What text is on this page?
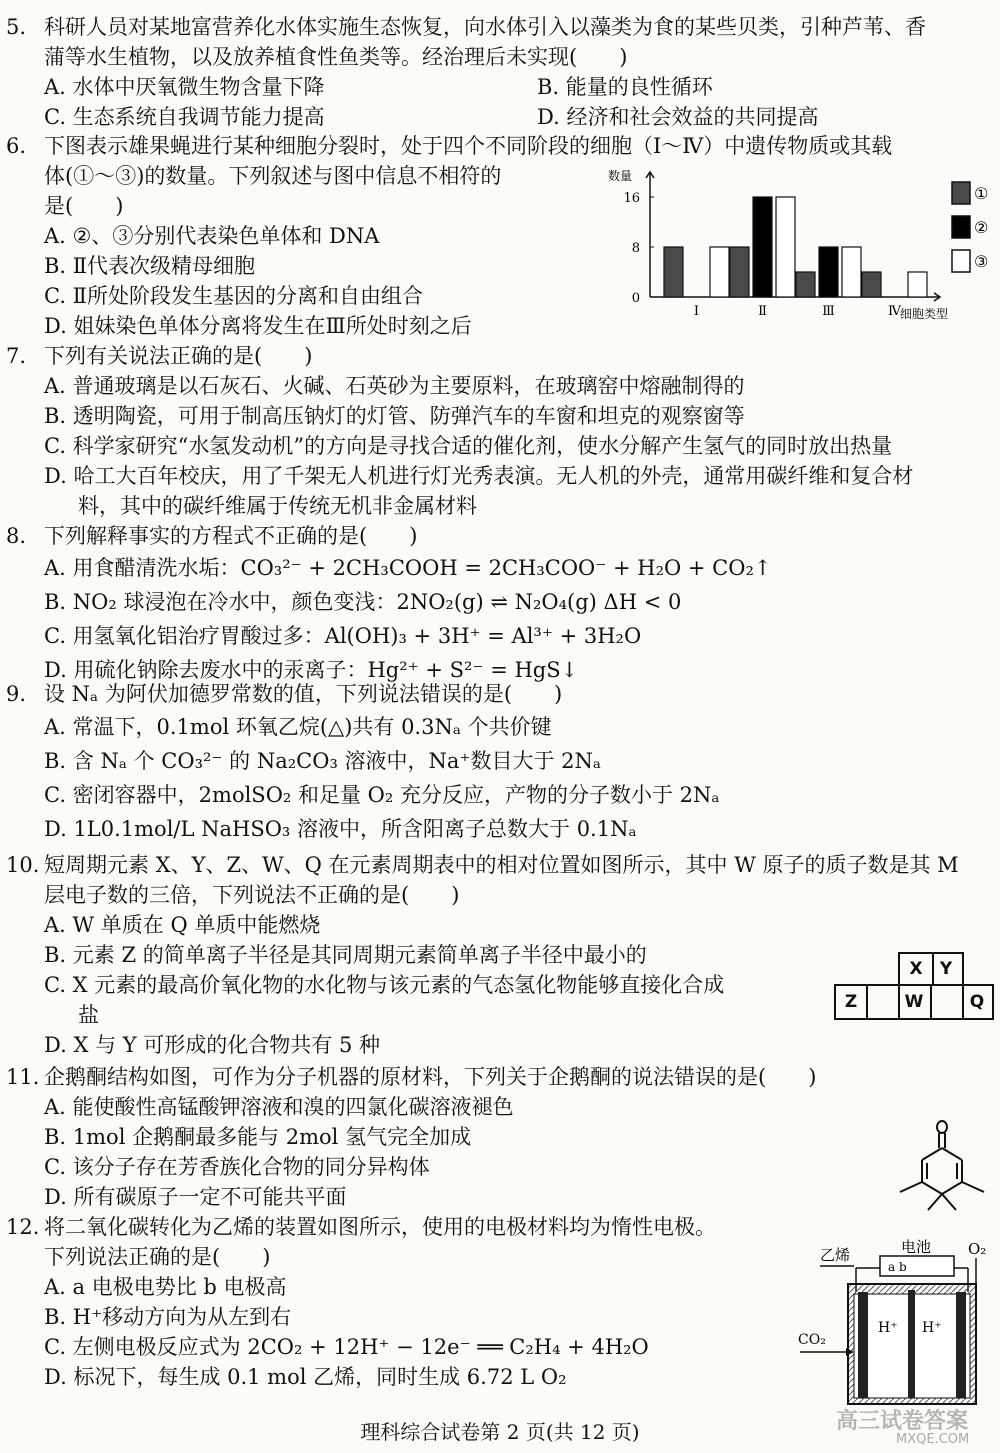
5. 科研人员对某地富营养化水体实施生态恢复，向水体引入以藻类为食的某些贝类，引种芦苇、香
蒲等水生植物，以及放养植食性鱼类等。经治理后未实现(　　)
A. 水体中厌氧微生物含量下降	B. 能量的良性循环
C. 生态系统自我调节能力提高	D. 经济和社会效益的共同提高
6. 下图表示雄果蝇进行某种细胞分裂时，处于四个不同阶段的细胞（Ⅰ～Ⅳ）中遗传物质或其载
体(①～③)的数量。下列叙述与图中信息不相符的
是(　　)
A. ②、③分别代表染色单体和 DNA
B. Ⅱ代表次级精母细胞
C. Ⅱ所处阶段发生基因的分离和自由组合
D. 姐妹染色单体分离将发生在Ⅲ所处时刻之后
数量
细胞类型
0
8
16
Ⅰ	Ⅱ	Ⅲ	Ⅳ
①
②
③
7. 下列有关说法正确的是(　　)
A. 普通玻璃是以石灰石、火碱、石英砂为主要原料，在玻璃窑中熔融制得的
B. 透明陶瓷，可用于制高压钠灯的灯管、防弹汽车的车窗和坦克的观察窗等
C. 科学家研究“水氢发动机”的方向是寻找合适的催化剂，使水分解产生氢气的同时放出热量
D. 哈工大百年校庆，用了千架无人机进行灯光秀表演。无人机的外壳，通常用碳纤维和复合材
料，其中的碳纤维属于传统无机非金属材料
8. 下列解释事实的方程式不正确的是(　　)
A. 用食醋清洗水垢：CO₃²⁻ + 2CH₃COOH = 2CH₃COO⁻ + H₂O + CO₂↑
B. NO₂ 球浸泡在冷水中，颜色变浅：2NO₂(g) ⇌ N₂O₄(g) ΔH < 0
C. 用氢氧化铝治疗胃酸过多：Al(OH)₃ + 3H⁺ = Al³⁺ + 3H₂O
D. 用硫化钠除去废水中的汞离子：Hg²⁺ + S²⁻ = HgS↓
9. 设 Nₐ 为阿伏加德罗常数的值，下列说法错误的是(　　)
A. 常温下，0.1mol 环氧乙烷(△)共有 0.3Nₐ 个共价键
B. 含 Nₐ 个 CO₃²⁻ 的 Na₂CO₃ 溶液中，Na⁺数目大于 2Nₐ
C. 密闭容器中，2molSO₂ 和足量 O₂ 充分反应，产物的分子数小于 2Nₐ
D. 1L0.1mol/L NaHSO₃ 溶液中，所含阳离子总数大于 0.1Nₐ
10. 短周期元素 X、Y、Z、W、Q 在元素周期表中的相对位置如图所示，其中 W 原子的质子数是其 M
层电子数的三倍，下列说法不正确的是(　　)
A. W 单质在 Q 单质中能燃烧
B. 元素 Z 的简单离子半径是其同周期元素简单离子半径中最小的
C. X 元素的最高价氧化物的水化物与该元素的气态氢化物能够直接化合成
盐
D. X 与 Y 可形成的化合物共有 5 种
X Y
Z	W	Q
11. 企鹅酮结构如图，可作为分子机器的原材料，下列关于企鹅酮的说法错误的是(　　)
A. 能使酸性高锰酸钾溶液和溴的四氯化碳溶液褪色
B. 1mol 企鹅酮最多能与 2mol 氢气完全加成
C. 该分子存在芳香族化合物的同分异构体
D. 所有碳原子一定不可能共平面
12. 将二氧化碳转化为乙烯的装置如图所示，使用的电极材料均为惰性电极。
下列说法正确的是(　　)
A. a 电极电势比 b 电极高
B. H⁺移动方向为从左到右
C. 左侧电极反应式为 2CO₂ + 12H⁺ − 12e⁻ ══ C₂H₄ + 4H₂O
D. 标况下，每生成 0.1 mol 乙烯，同时生成 6.72 L O₂
乙烯	O₂
电池
a b
H⁺ H⁺
CO₂
理科综合试卷第 2 页(共 12 页)	高三试卷答案
MXQE.COM
